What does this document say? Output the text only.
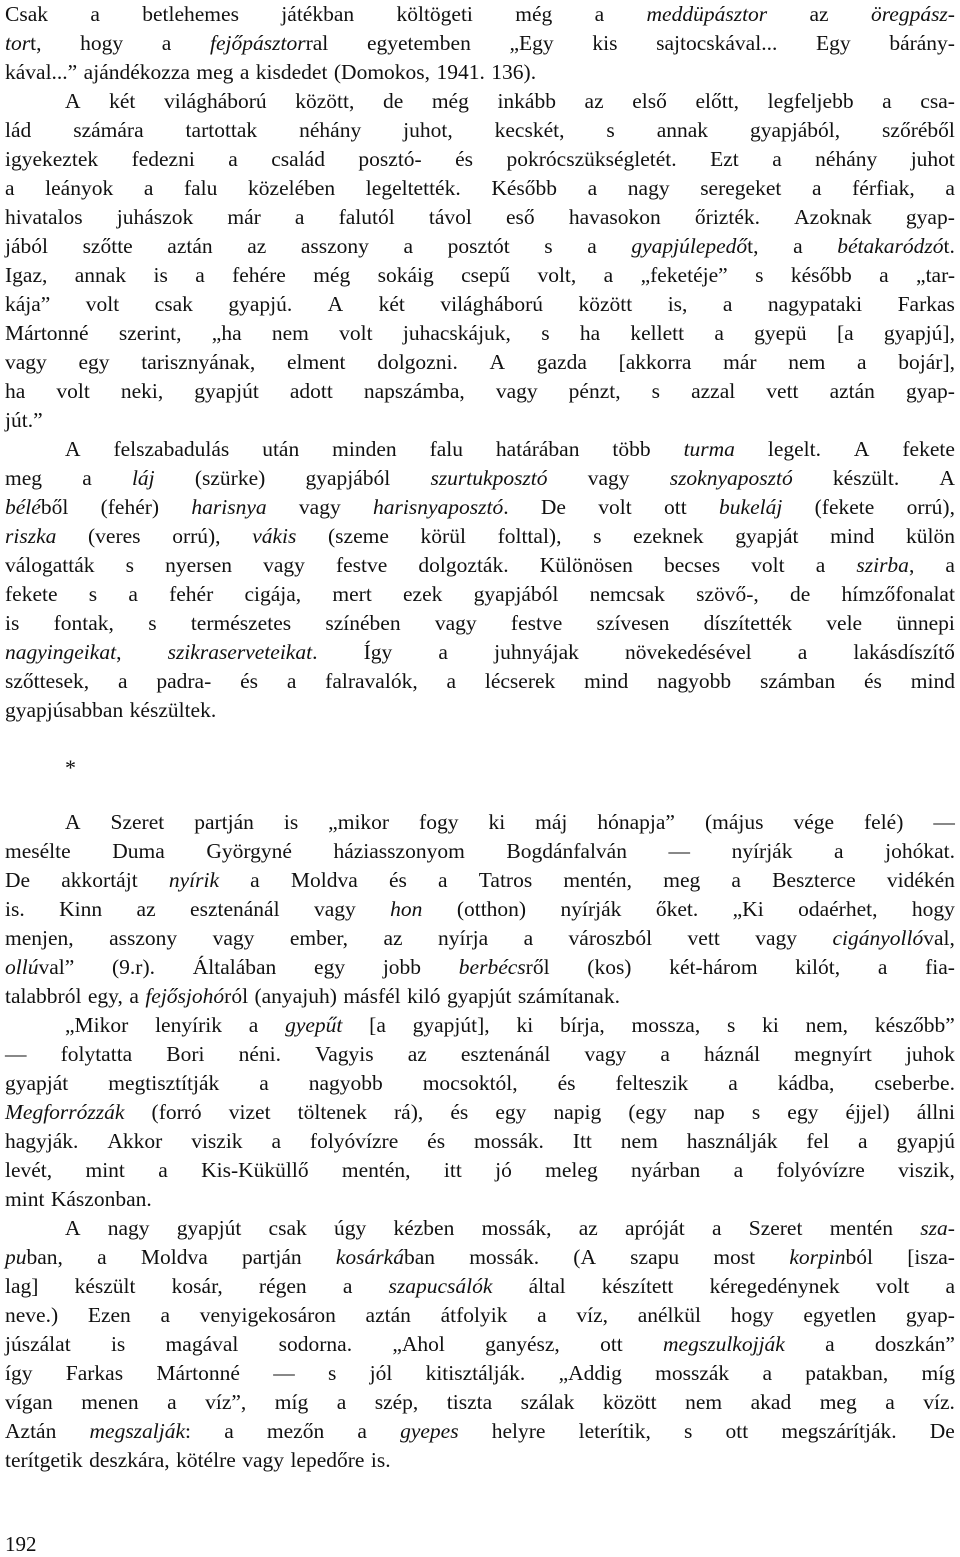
Csak a betlehemes játékban költögeti még a meddüpásztor az öregpász-
tort, hogy a fejőpásztorral egyetemben „Egy kis sajtocskával... Egy bárány-
kával...” ajándékozza meg a kisdedet (Domokos, 1941. 136).
A két világháború között, de még inkább az első előtt, legfeljebb a csa-
lád számára tartottak néhány juhot, kecskét, s annak gyapjából, szőréből
igyekeztek fedezni a család posztó- és pokrócszükségletét. Ezt a néhány juhot
a leányok a falu közelében legeltették. Később a nagy seregeket a férfiak, a
hivatalos juhászok már a falutól távol eső havasokon őrizték. Azoknak gyap-
jából szőtte aztán az asszony a posztót s a gyapjúlepedőt, a bétakaródzót.
Igaz, annak is a fehére még sokáig csepű volt, a „feketéje” s később a „tar-
kája” volt csak gyapjú. A két világháború között is, a nagypataki Farkas
Mártonné szerint, „ha nem volt juhacskájuk, s ha kellett a gyepü [a gyapjú],
vagy egy tarisznyának, elment dolgozni. A gazda [akkorra már nem a bojár],
ha volt neki, gyapjút adott napszámba, vagy pénzt, s azzal vett aztán gyap-
jút.”
A felszabadulás után minden falu határában több turma legelt. A fekete
meg a láj (szürke) gyapjából szurtukposztó vagy szoknyaposztó készült. A
béléből (fehér) harisnya vagy harisnyaposztó. De volt ott bukeláj (fekete orrú),
riszka (veres orrú), vákis (szeme körül folttal), s ezeknek gyapját mind külön
válogatták s nyersen vagy festve dolgozták. Különösen becses volt a szirba, a
fekete s a fehér cigája, mert ezek gyapjából nemcsak szövő-, de hímzőfonalat
is fontak, s természetes színében vagy festve szívesen díszítették vele ünnepi
nagyingeikat, szikraserveteikat. Így a juhnyájak növekedésével a lakásdíszítő
szőttesek, a padra- és a falravalók, a lécserek mind nagyobb számban és mind
gyapjúsabban készültek.
*
A Szeret partján is „mikor fogy ki máj hónapja” (május vége felé) —
mesélte Duma Györgyné háziasszonyom Bogdánfalván — nyírják a johókat.
De akkortájt nyírik a Moldva és a Tatros mentén, meg a Beszterce vidékén
is. Kinn az esztenánál vagy hon (otthon) nyírják őket. „Ki odaérhet, hogy
menjen, asszony vagy ember, az nyírja a városzból vett vagy cigányollóval,
ollúval” (9.r). Általában egy jobb berbécsről (kos) két-három kilót, a fia-
talabbról egy, a fejősjohóról (anyajuh) másfél kiló gyapjút számítanak.
„Mikor lenyírik a gyepűt [a gyapjút], ki bírja, mossza, s ki nem, készőbb”
— folytatta Bori néni. Vagyis az esztenánál vagy a háznál megnyírt juhok
gyapját megtisztítják a nagyobb mocsoktól, és felteszik a kádba, cseberbe.
Megforrózzák (forró vizet töltenek rá), és egy napig (egy nap s egy éjjel) állni
hagyják. Akkor viszik a folyóvízre és mossák. Itt nem használják fel a gyapjú
levét, mint a Kis-Küküllő mentén, itt jó meleg nyárban a folyóvízre viszik,
mint Kászonban.
A nagy gyapjút csak úgy kézben mossák, az apróját a Szeret mentén sza-
puban, a Moldva partján kosárkában mossák. (A szapu most korpinból [isza-
lag] készült kosár, régen a szapucsálók által készített kéregedénynek volt a
neve.) Ezen a venyigekosáron aztán átfolyik a víz, anélkül hogy egyetlen gyap-
júszálat is magával sodorna. „Ahol ganyész, ott megszulkojják a doszkán”
így Farkas Mártonné — s jól kitisztálják. „Addig mosszák a patakban, míg
vígan menen a víz”, míg a szép, tiszta szálak között nem akad meg a víz.
Aztán megszalják: a mezőn a gyepes helyre leterítik, s ott megszárítják. De
terítgetik deszkára, kötélre vagy lepedőre is.
192
